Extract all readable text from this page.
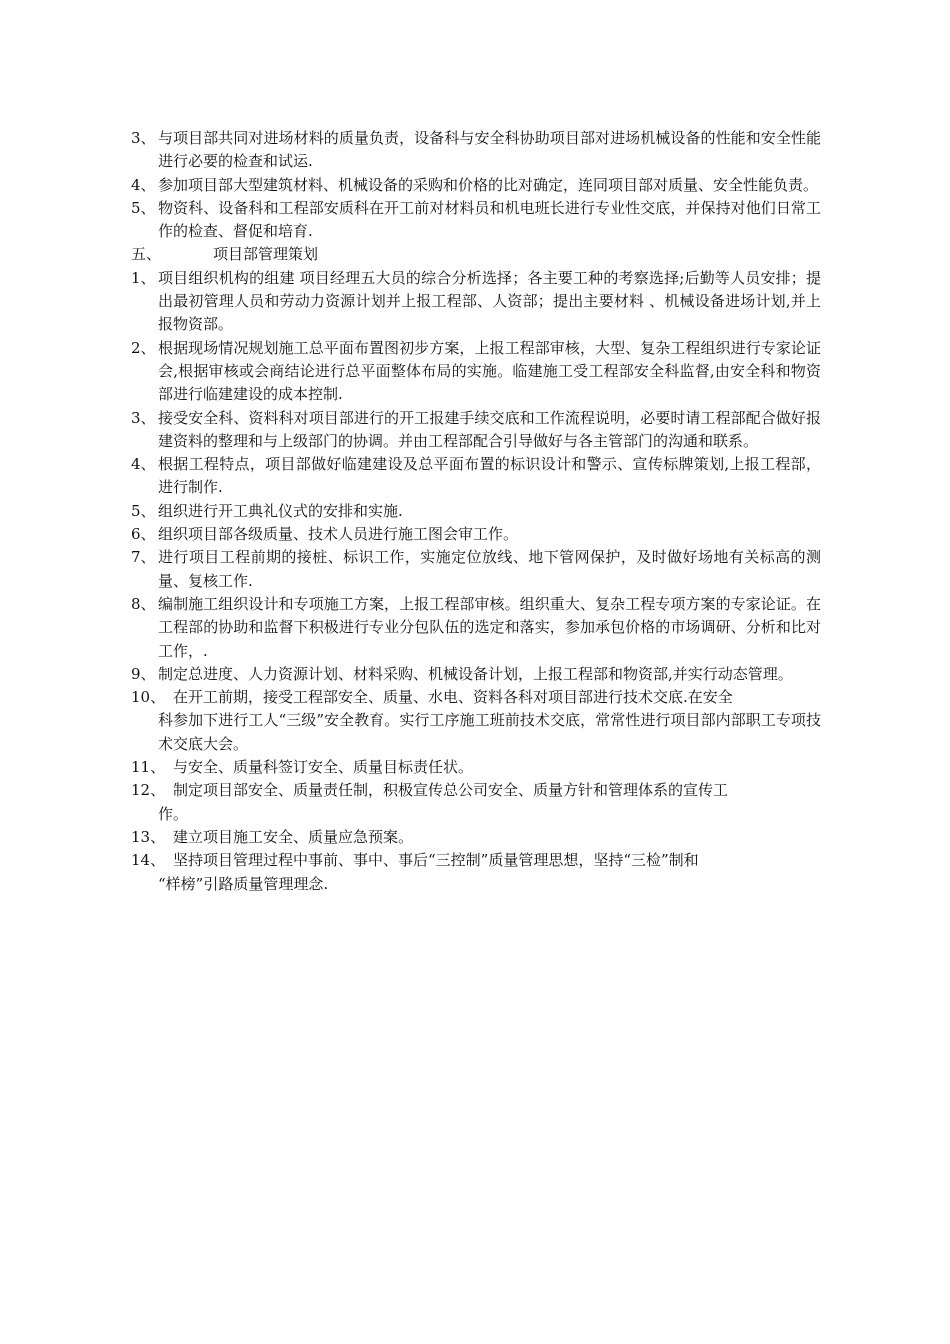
3、 与项目部共同对进场材料的质量负责，设备科与安全科协助项目部对进场机械设备的性能和安全性能进行必要的检查和试运.
4、 参加项目部大型建筑材料、机械设备的采购和价格的比对确定，连同项目部对质量、安全性能负责。
5、 物资科、设备科和工程部安质科在开工前对材料员和机电班长进行专业性交底，并保持对他们日常工作的检查、督促和培育.
五、	项目部管理策划
1、 项目组织机构的组建 项目经理五大员的综合分析选择；各主要工种的考察选择;后勤等人员安排；提出最初管理人员和劳动力资源计划并上报工程部、人资部；提出主要材料 、机械设备进场计划,并上报物资部。
2、 根据现场情况规划施工总平面布置图初步方案，上报工程部审核，大型、复杂工程组织进行专家论证会,根据审核或会商结论进行总平面整体布局的实施。临建施工受工程部安全科监督,由安全科和物资部进行临建建设的成本控制.
3、 接受安全科、资料科对项目部进行的开工报建手续交底和工作流程说明，必要时请工程部配合做好报建资料的整理和与上级部门的协调。并由工程部配合引导做好与各主管部门的沟通和联系。
4、 根据工程特点，项目部做好临建建设及总平面布置的标识设计和警示、宣传标牌策划,上报工程部，进行制作.
5、 组织进行开工典礼仪式的安排和实施.
6、 组织项目部各级质量、技术人员进行施工图会审工作。
7、 进行项目工程前期的接桩、标识工作，实施定位放线、地下管网保护，及时做好场地有关标高的测量、复核工作.
8、 编制施工组织设计和专项施工方案，上报工程部审核。组织重大、复杂工程专项方案的专家论证。在工程部的协助和监督下积极进行专业分包队伍的选定和落实，参加承包价格的市场调研、分析和比对工作，.
9、 制定总进度、人力资源计划、材料采购、机械设备计划，上报工程部和物资部,并实行动态管理。
10、 在开工前期，接受工程部安全、质量、水电、资料各科对项目部进行技术交底.在安全
科参加下进行工人“三级”安全教育。实行工序施工班前技术交底，常常性进行项目部内部职工专项技术交底大会。
11、 与安全、质量科签订安全、质量目标责任状。
12、 制定项目部安全、质量责任制，积极宣传总公司安全、质量方针和管理体系的宣传工
作。
13、 建立项目施工安全、质量应急预案。
14、 坚持项目管理过程中事前、事中、事后“三控制”质量管理思想，坚持“三检”制和
“样榜”引路质量管理理念.
